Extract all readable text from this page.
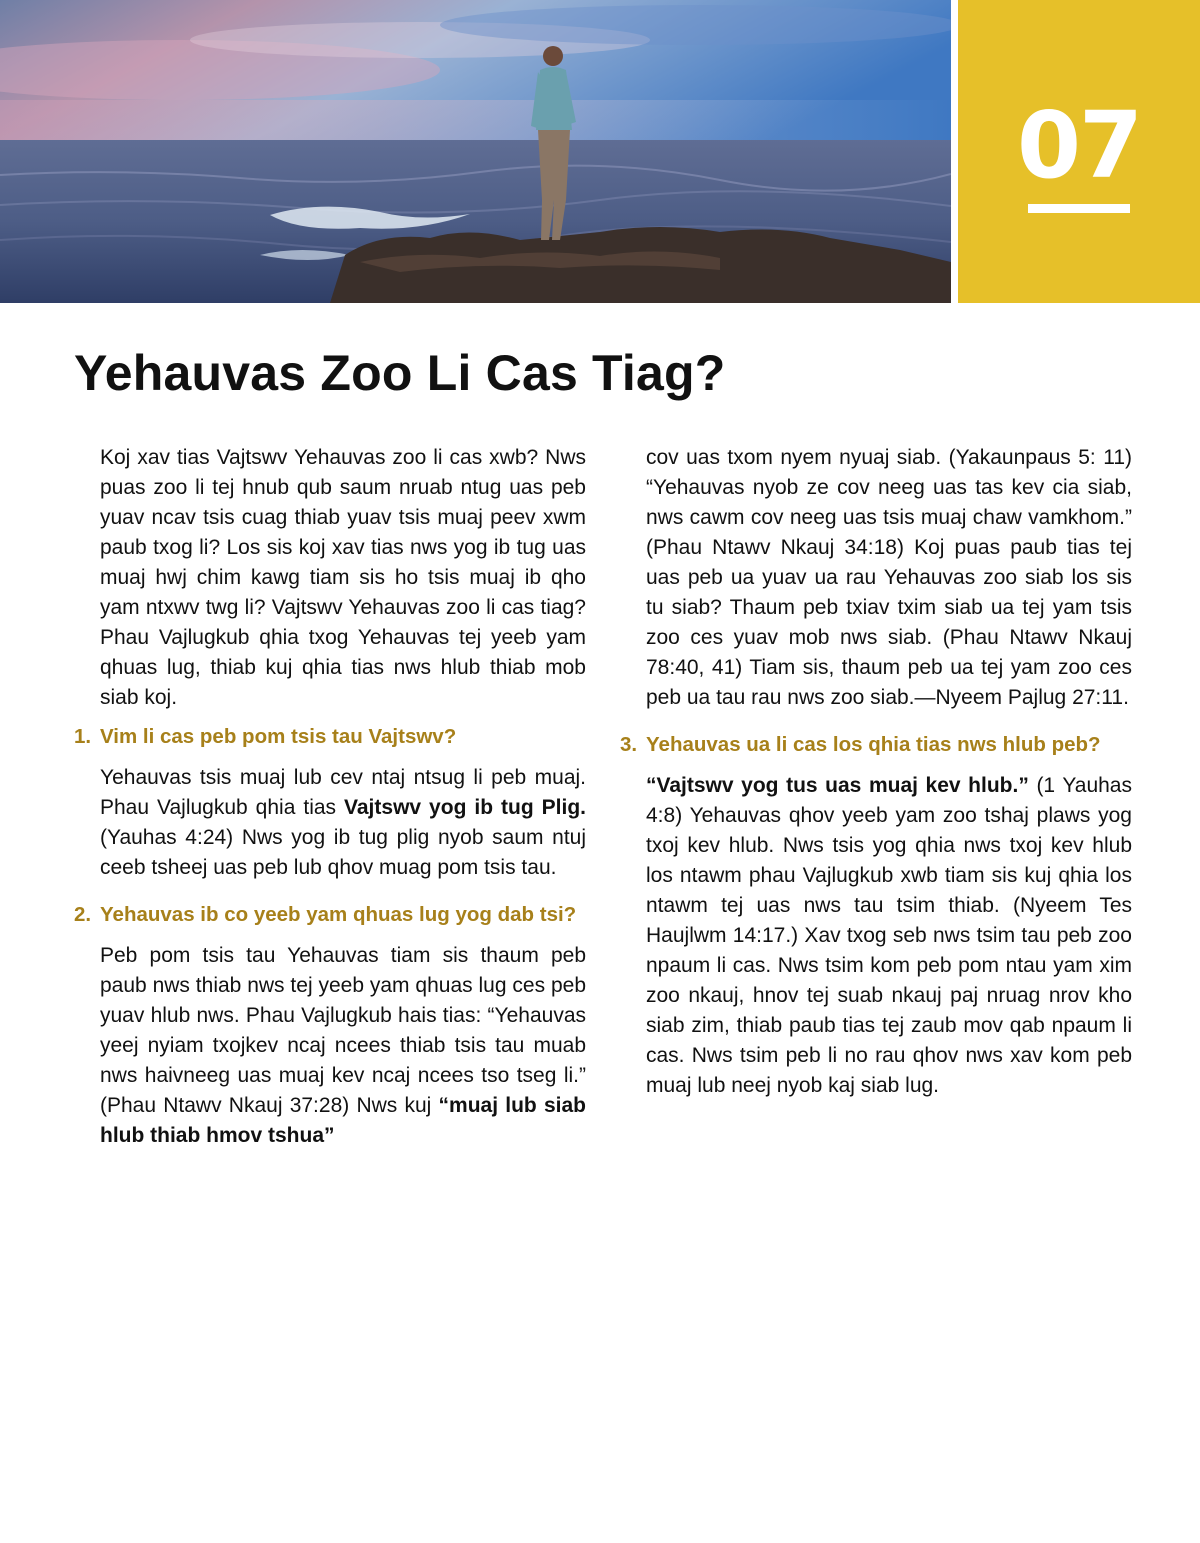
07
Yehauvas Zoo Li Cas Tiag?

Koj xav tias Vajtswv Yehauvas zoo li cas xwb? Nws puas zoo li tej hnub qub saum nruab ntug uas peb yuav ncav tsis cuag thiab yuav tsis muaj peev xwm paub txog li? Los sis koj xav tias nws yog ib tug uas muaj hwj chim kawg tiam sis ho tsis muaj ib qho yam ntxwv twg li? Vajtswv Yehauvas zoo li cas tiag? Phau Vajlugkub qhia txog Yehauvas tej yeeb yam qhuas lug, thiab kuj qhia tias nws hlub thiab mob siab koj.

1. Vim li cas peb pom tsis tau Vajtswv?

Yehauvas tsis muaj lub cev ntaj ntsug li peb muaj. Phau Vajlugkub qhia tias Vajtswv yog ib tug Plig. (Yauhas 4:24) Nws yog ib tug plig nyob saum ntuj ceeb tsheej uas peb lub qhov muag pom tsis tau.

2. Yehauvas ib co yeeb yam qhuas lug yog dab tsi?

Peb pom tsis tau Yehauvas tiam sis thaum peb paub nws thiab nws tej yeeb yam qhuas lug ces peb yuav hlub nws. Phau Vajlugkub hais tias: “Yehauvas yeej nyiam txojkev ncaj ncees thiab tsis tau muab nws haivneeg uas muaj kev ncaj ncees tso tseg li.” (Phau Ntawv Nkauj 37:28) Nws kuj “muaj lub siab hlub thiab hmov tshua”

cov uas txom nyem nyuaj siab. (Yakaunpaus 5: 11) “Yehauvas nyob ze cov neeg uas tas kev cia siab, nws cawm cov neeg uas tsis muaj chaw vamkhom.” (Phau Ntawv Nkauj 34:18) Koj puas paub tias tej uas peb ua yuav ua rau Yehauvas zoo siab los sis tu siab? Thaum peb txiav txim siab ua tej yam tsis zoo ces yuav mob nws siab. (Phau Ntawv Nkauj 78:40, 41) Tiam sis, thaum peb ua tej yam zoo ces peb ua tau rau nws zoo siab.—Nyeem Pajlug 27:11.

3. Yehauvas ua li cas los qhia tias nws hlub peb?

“Vajtswv yog tus uas muaj kev hlub.” (1 Yauhas 4:8) Yehauvas qhov yeeb yam zoo tshaj plaws yog txoj kev hlub. Nws tsis yog qhia nws txoj kev hlub los ntawm phau Vajlugkub xwb tiam sis kuj qhia los ntawm tej uas nws tau tsim thiab. (Nyeem Tes Haujlwm 14:17.) Xav txog seb nws tsim tau peb zoo npaum li cas. Nws tsim kom peb pom ntau yam xim zoo nkauj, hnov tej suab nkauj paj nruag nrov kho siab zim, thiab paub tias tej zaub mov qab npaum li cas. Nws tsim peb li no rau qhov nws xav kom peb muaj lub neej nyob kaj siab lug.
